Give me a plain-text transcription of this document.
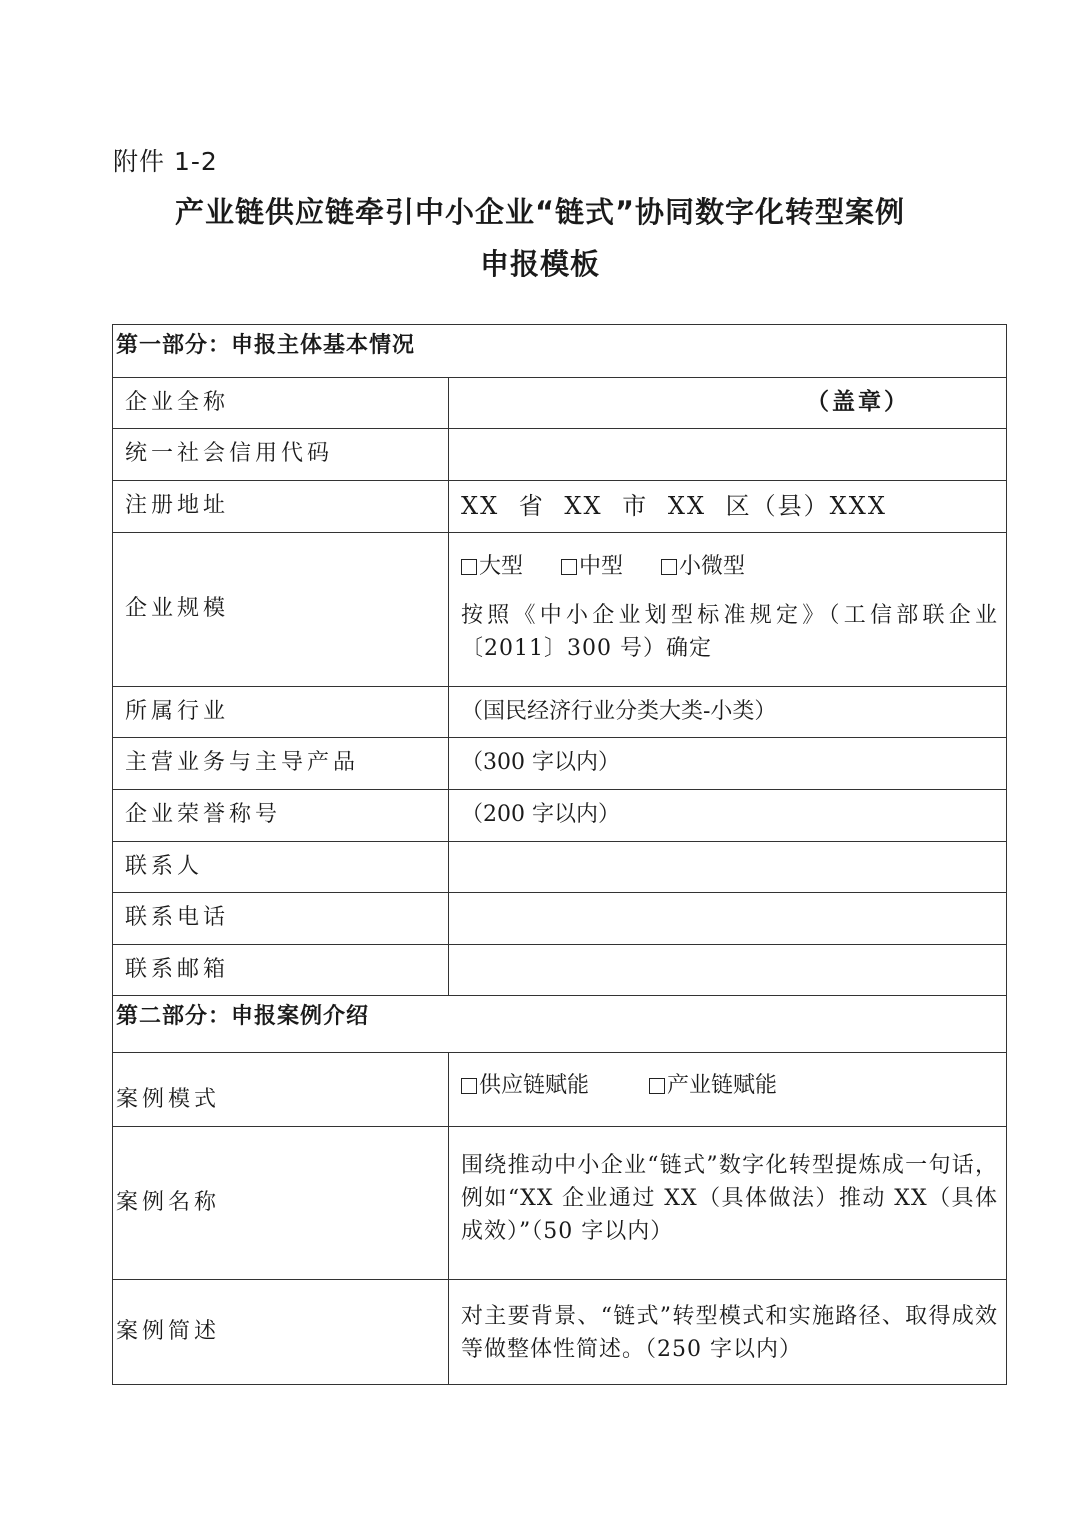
附件 1-2
产业链供应链牵引中小企业“链式”协同数字化转型案例
申报模板
第一部分：申报主体基本情况	
企业全称	（盖章）

统一社会信用代码	
注册地址	XX 省 XX 市 XX 区（县）XXX
企业规模	大型 中型 小微型
按照《中小企业划型标准规定》（工信部联企业〔2011〕300 号）确定

所属行业	（国民经济行业分类大类-小类）
主营业务与主导产品	（300 字以内）
企业荣誉称号	（200 字以内）
联系人	
联系电话	
联系邮箱	
第二部分：申报案例介绍	
案例模式	供应链赋能 产业链赋能

案例名称	围绕推动中小企业“链式”数字化转型提炼成一句话，例如“XX 企业通过 XX（具体做法）推动 XX（具体成效）”（50 字以内）

案例简述	对主要背景、“链式”转型模式和实施路径、取得成效等做整体性简述。（250 字以内）
